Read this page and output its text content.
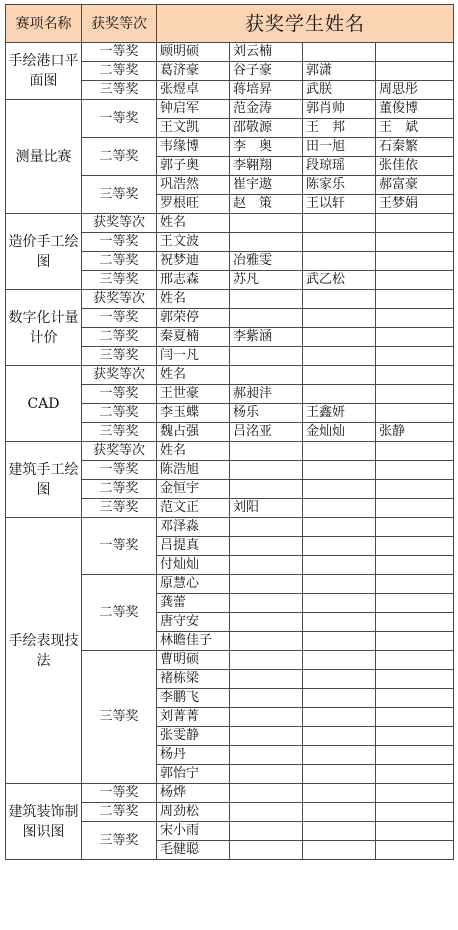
赛项名称	获奖等次	获奖学生姓名			
手绘港口平面图	一等奖	顾明硕	刘云楠		
	二等奖	葛济豪	谷子豪	郭潇	
	三等奖	张煜卓	蒋培昇	武朕	周思彤
测量比赛	一等奖	钟启军	范金涛	郭肖帅	董俊博
		王文凯	邵敬源	王　邦	王　斌
	二等奖	韦缘博	李　奥	田一旭	石秦繁
		郭子奥	李翱翔	段琼瑶	张佳依
	三等奖	巩浩然	崔宇遨	陈家乐	郝富豪
		罗根旺	赵　策	王以轩	王梦娟
造价手工绘图	获奖等次	姓名			
	一等奖	王文波			
	二等奖	祝梦迪	冶雅雯		
	三等奖	邢志森	苏凡	武乙松	
数字化计量计价	获奖等次	姓名			
	一等奖	郭荣停			
	二等奖	秦夏楠	李紫涵		
	三等奖	闫一凡			
CAD	获奖等次	姓名			
	一等奖	王世豪	郝昶沣		
	二等奖	李玉蝶	杨乐	王鑫妍	
	三等奖	魏占强	吕洺亚	金灿灿	张静
建筑手工绘图	获奖等次	姓名			
	一等奖	陈浩旭			
	二等奖	金恒宇			
	三等奖	范文正	刘阳		
手绘表现技法	一等奖	邓泽淼			
		吕提真			
		付灿灿			
	二等奖	原慧心			
		龚蕾			
		唐守安			
		林瞻佳子			
	三等奖	曹明硕			
		褚栋梁			
		李鹏飞			
		刘菁菁			
		张雯静			
		杨丹			
		郭怡宁			
建筑装饰制图识图	一等奖	杨烨			
	二等奖	周劲松			
	三等奖	宋小雨			
		毛健聪			
